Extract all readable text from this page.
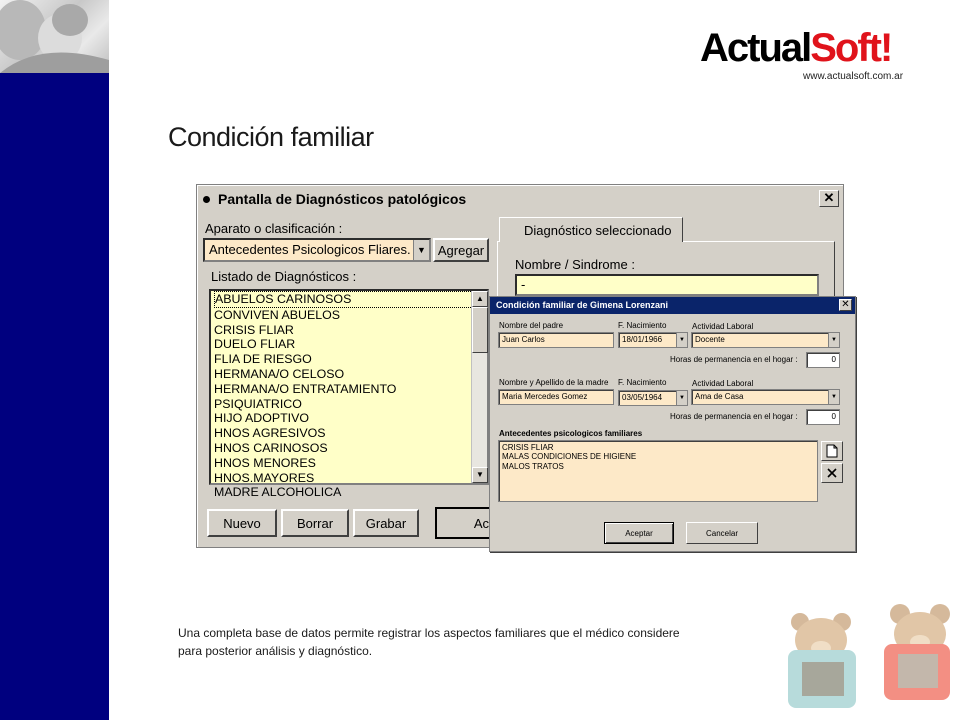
ActualSoft!
www.actualsoft.com.ar
Condición familiar
Pantalla de Diagnósticos patológicos	✕
Aparato o clasificación :
Antecedentes Psicologicos Fliares. ▼ Agregar
Listado de Diagnósticos :
ABUELOS CARINOSOS
CONVIVEN ABUELOS
CRISIS FLIAR
DUELO FLIAR
FLIA DE RIESGO
HERMANA/O CELOSO
HERMANA/O ENTRATAMIENTO PSIQUIATRICO
HIJO ADOPTIVO
HNOS AGRESIVOS
HNOS CARINOSOS
HNOS MENORES
HNOS.MAYORES
MADRE ALCOHOLICA
▲
▼
Diagnóstico seleccionado
Nombre / Sindrome :
-
Nuevo	Borrar	Grabar	Ac
Condición familiar de Gimena Lorenzani	✕
Nombre del padre
Juan Carlos
F. Nacimiento
18/01/1966	▼
Actividad Laboral
Docente	▼
Horas de permanencia en el hogar :	0
Nombre y Apellido de la madre
Maria Mercedes Gomez
F. Nacimiento
03/05/1964	▼
Actividad Laboral
Ama de Casa	▼
Horas de permanencia en el hogar :	0
Antecedentes psicologicos familiares
CRISIS FLIAR
MALAS CONDICIONES DE HIGIENE
MALOS TRATOS
Aceptar	Cancelar
Una completa base de datos permite registrar los aspectos familiares que el médico considere
para posterior análisis y diagnóstico.
